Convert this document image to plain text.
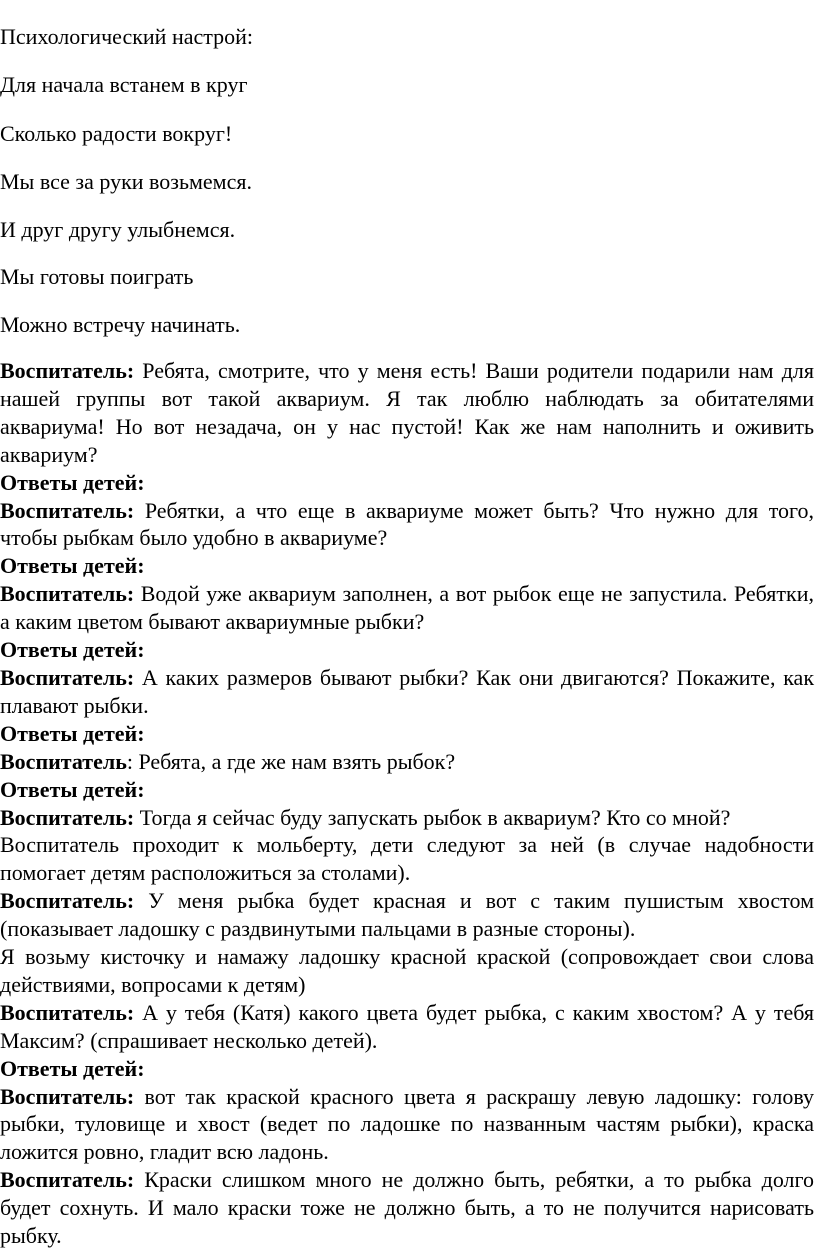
Психологический настрой:

Для начала встанем в круг

Сколько радости вокруг!

Мы все за руки возьмемся.

И друг другу улыбнемся.

Мы готовы поиграть

Можно встречу начинать.

Воспитатель: Ребята, смотрите, что у меня есть! Ваши родители подарили нам для нашей группы вот такой аквариум. Я так люблю наблюдать за обитателями аквариума! Но вот незадача, он у нас пустой! Как же нам наполнить и оживить аквариум?

Ответы детей:

Воспитатель: Ребятки, а что еще в аквариуме может быть? Что нужно для того, чтобы рыбкам было удобно в аквариуме?

Ответы детей:

Воспитатель: Водой уже аквариум заполнен, а вот рыбок еще не запустила. Ребятки, а каким цветом бывают аквариумные рыбки?

Ответы детей:

Воспитатель: А каких размеров бывают рыбки? Как они двигаются? Покажите, как плавают рыбки.

Ответы детей:

Воспитатель: Ребята, а где же нам взять рыбок?

Ответы детей:

Воспитатель: Тогда я сейчас буду запускать рыбок в аквариум? Кто со мной?

Воспитатель проходит к мольберту, дети следуют за ней (в случае надобности помогает детям расположиться за столами).

Воспитатель: У меня рыбка будет красная и вот с таким пушистым хвостом (показывает ладошку с раздвинутыми пальцами в разные стороны).

Я возьму кисточку и намажу ладошку красной краской (сопровождает свои слова действиями, вопросами к детям)

Воспитатель: А у тебя (Катя) какого цвета будет рыбка, с каким хвостом? А у тебя Максим? (спрашивает несколько детей).

Ответы детей:

Воспитатель: вот так краской красного цвета я раскрашу левую ладошку: голову рыбки, туловище и хвост (ведет по ладошке по названным частям рыбки), краска ложится ровно, гладит всю ладонь.

Воспитатель: Краски слишком много не должно быть, ребятки, а то рыбка долго будет сохнуть. И мало краски тоже не должно быть, а то не получится нарисовать рыбку.
